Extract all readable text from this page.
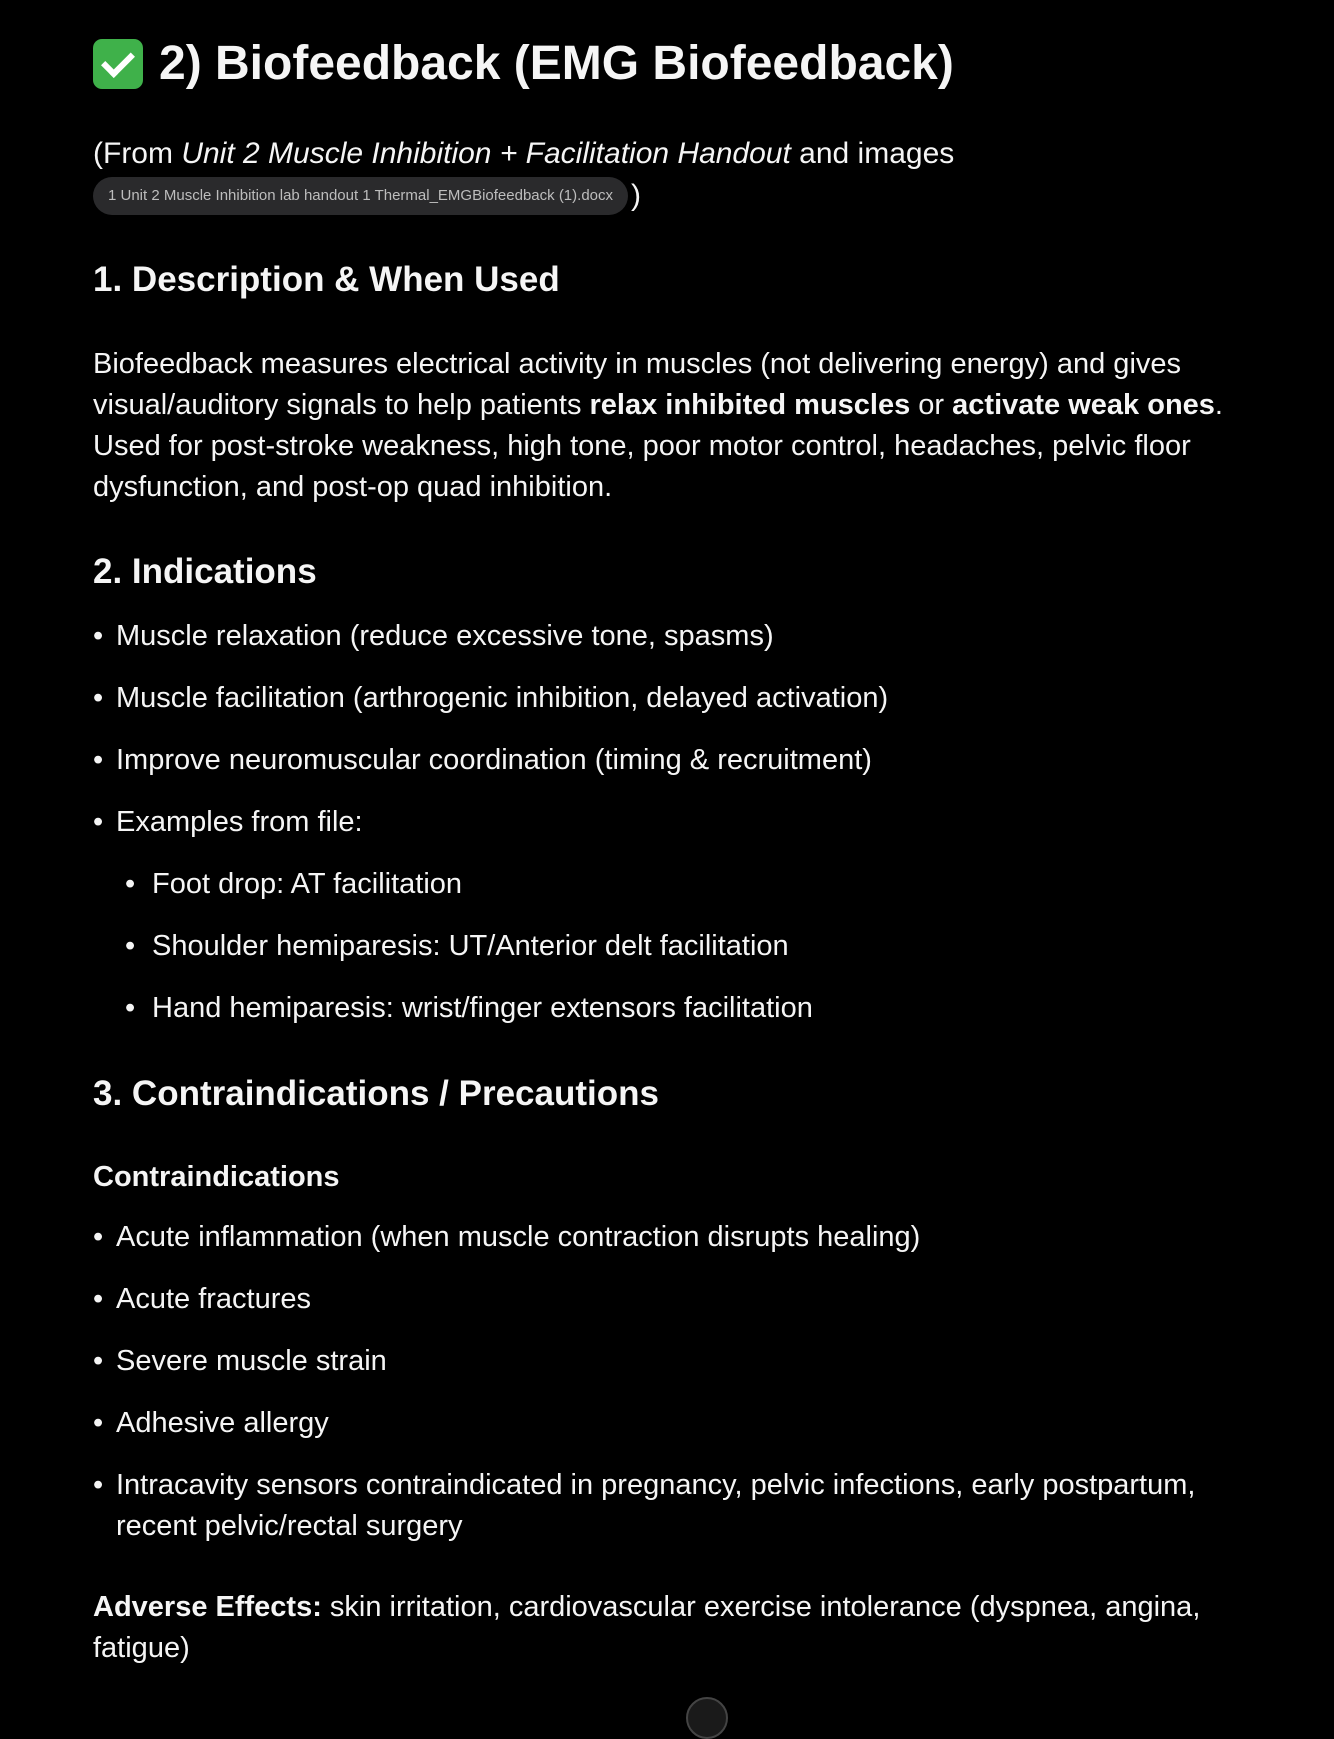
2) Biofeedback (EMG Biofeedback)
(From Unit 2 Muscle Inhibition + Facilitation Handout and images
1 Unit 2 Muscle Inhibition lab handout 1 Thermal_EMGBiofeedback (1).docx )
1. Description & When Used
Biofeedback measures electrical activity in muscles (not delivering energy) and gives visual/auditory signals to help patients relax inhibited muscles or activate weak ones. Used for post-stroke weakness, high tone, poor motor control, headaches, pelvic floor dysfunction, and post-op quad inhibition.
2. Indications
• Muscle relaxation (reduce excessive tone, spasms)
• Muscle facilitation (arthrogenic inhibition, delayed activation)
• Improve neuromuscular coordination (timing & recruitment)
• Examples from file:
• Foot drop: AT facilitation
• Shoulder hemiparesis: UT/Anterior delt facilitation
• Hand hemiparesis: wrist/finger extensors facilitation
3. Contraindications / Precautions
Contraindications
• Acute inflammation (when muscle contraction disrupts healing)
• Acute fractures
• Severe muscle strain
• Adhesive allergy
• Intracavity sensors contraindicated in pregnancy, pelvic infections, early postpartum, recent pelvic/rectal surgery
Adverse Effects: skin irritation, cardiovascular exercise intolerance (dyspnea, angina, fatigue)
